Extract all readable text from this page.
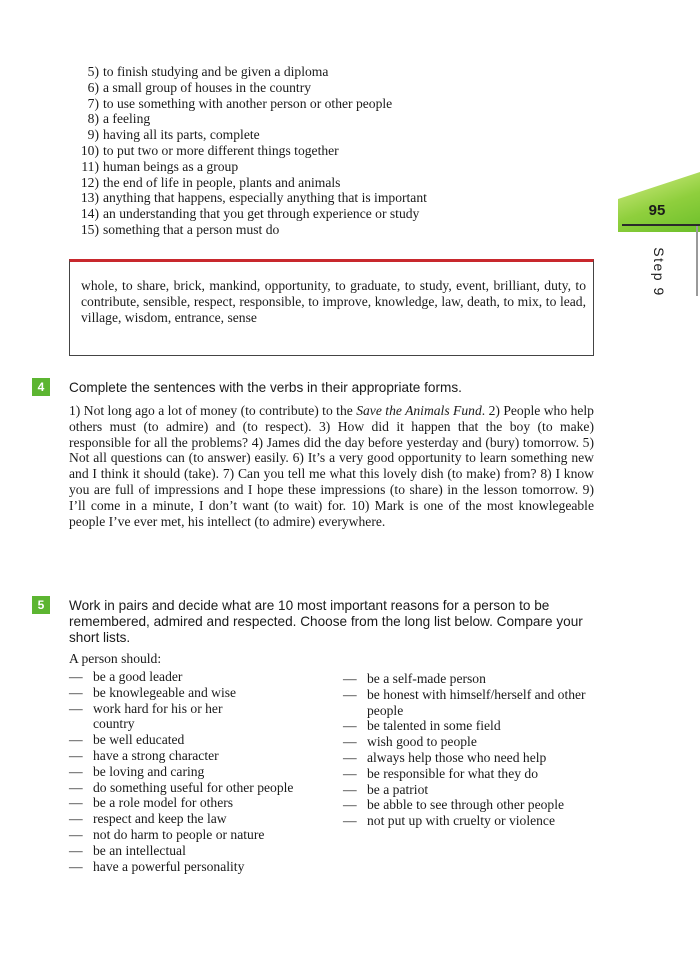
5) to finish studying and be given a diploma
6) a small group of houses in the country
7) to use something with another person or other people
8) a feeling
9) having all its parts, complete
10) to put two or more different things together
11) human beings as a group
12) the end of life in people, plants and animals
13) anything that happens, especially anything that is important
14) an understanding that you get through experience or study
15) something that a person must do
95
Step 9
whole, to share, brick, mankind, opportunity, to graduate, to study, event, brilliant, duty, to contribute, sensible, respect, responsible, to improve, knowledge, law, death, to mix, to lead, village, wisdom, entrance, sense
4	Complete the sentences with the verbs in their appropriate forms.
1) Not long ago a lot of money (to contribute) to the Save the Animals Fund. 2) People who help others must (to admire) and (to respect). 3) How did it happen that the boy (to make) responsible for all the problems? 4) James did the day before yesterday and (bury) tomorrow. 5) Not all questions can (to answer) easily. 6) It’s a very good opportunity to learn something new and I think it should (take). 7) Can you tell me what this lovely dish (to make) from? 8) I know you are full of impressions and I hope these impressions (to share) in the lesson tomorrow. 9) I’ll come in a minute, I don’t want (to wait) for. 10) Mark is one of the most knowlegeable people I’ve ever met, his intellect (to admire) everywhere.
5	Work in pairs and decide what are 10 most important reasons for a person to be remembered, admired and respected. Choose from the long list below. Compare your short lists.
A person should:
— be a good leader
— be knowlegeable and wise
— work hard for his or her country
— be well educated
— have a strong character
— be loving and caring
— do something useful for other people
— be a role model for others
— respect and keep the law
— not do harm to people or nature
— be an intellectual
— have a powerful personality
— be a self-made person
— be honest with himself/herself and other people
— be talented in some field
— wish good to people
— always help those who need help
— be responsible for what they do
— be a patriot
— be abble to see through other people
— not put up with cruelty or violence
